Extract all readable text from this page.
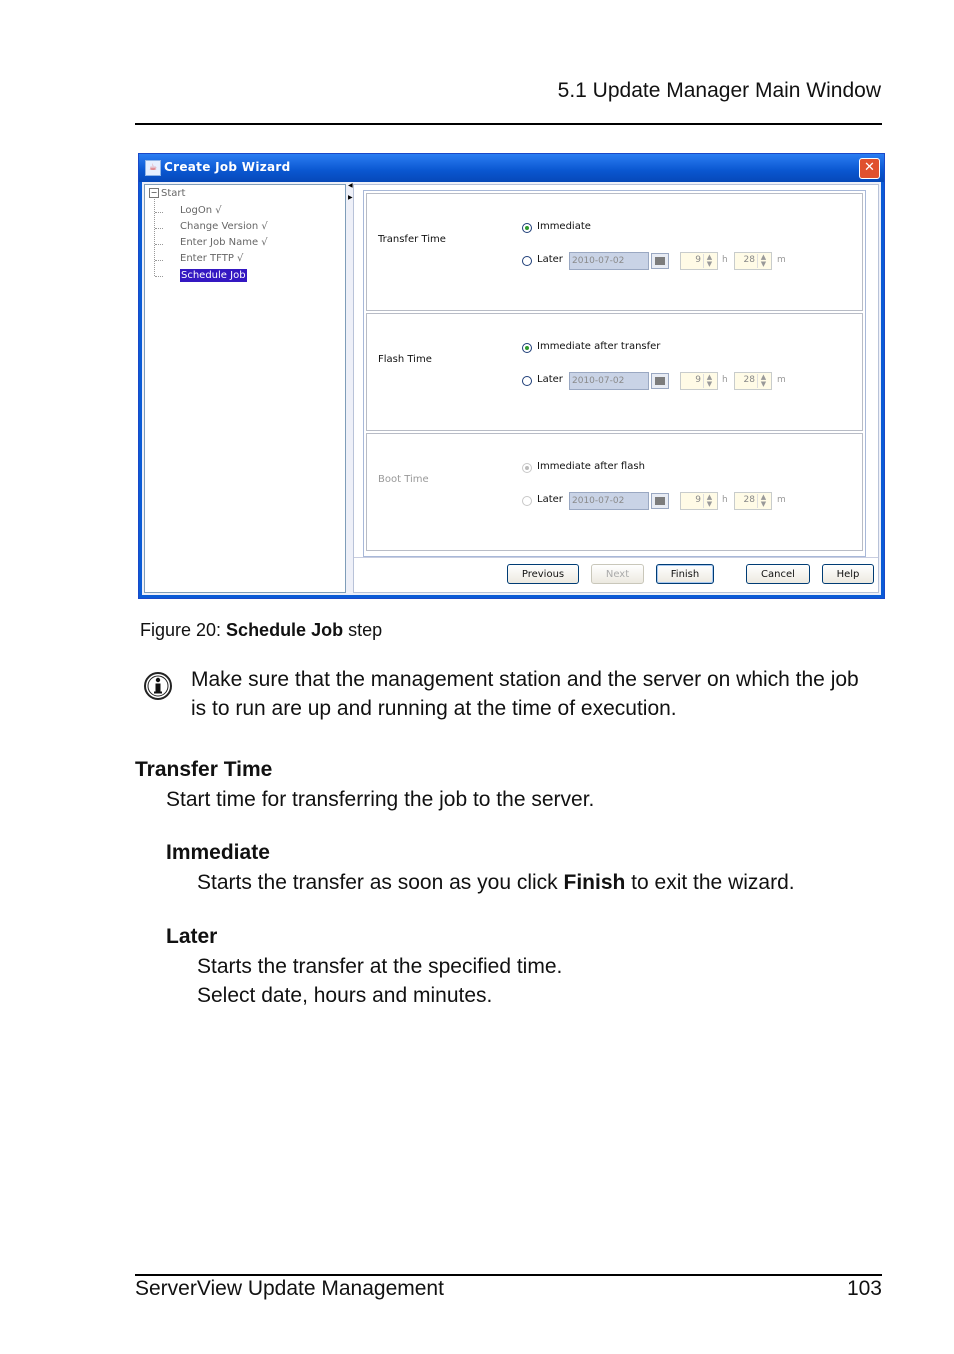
5.1 Update Manager Main Window
☕ Create Job Wizard	✕
− Start
LogOn √
Change Version √
Enter Job Name √
Enter TFTP √
Schedule Job
◀
▶
Transfer Time
Immediate
Later	2010-07-02	9 ▲
▼	h 28 ▲
▼	m
Flash Time
Immediate after transfer
Later	2010-07-02	9 ▲
▼	h 28 ▲
▼	m
Boot Time
Immediate after flash
Later	2010-07-02	9 ▲
▼	h 28 ▲
▼	m
Previous	Next	Finish	Cancel	Help
Figure 20: Schedule Job step
Make sure that the management station and the server on which the job is to run are up and running at the time of execution.
Transfer Time
Start time for transferring the job to the server.
Immediate
Starts the transfer as soon as you click Finish to exit the wizard.
Later
Starts the transfer at the specified time.
Select date, hours and minutes.
ServerView Update Management	103
